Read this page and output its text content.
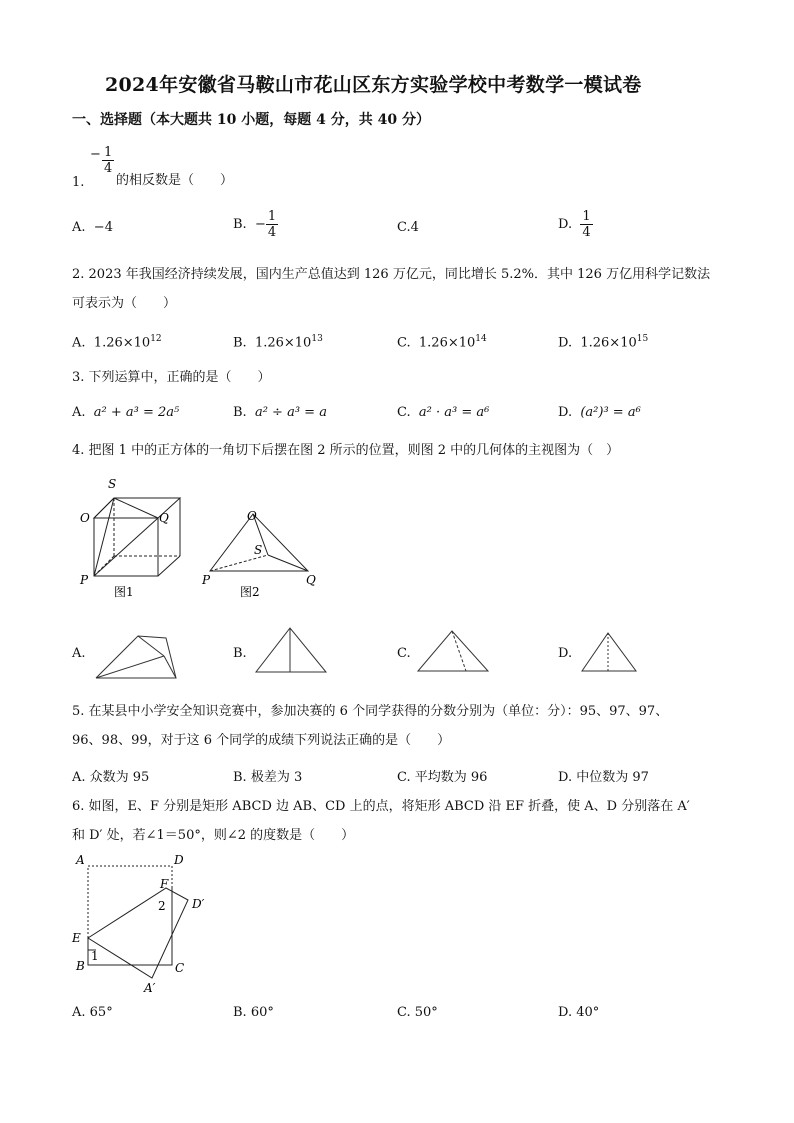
2024年安徽省马鞍山市花山区东方实验学校中考数学一模试卷
一、选择题（本大题共 10 小题，每题 4 分，共 40 分）
1.
− $\frac{1}{4}$
的相反数是（　　）
A. −4	B. − $\frac{1}{4}$	C.4	D. $\frac{1}{4}$
2. 2023 年我国经济持续发展，国内生产总值达到 126 万亿元，同比增长 5.2%．其中 126 万亿用科学记数法
可表示为（　　）
A. $1.26\times 10^{12}$	B. $1.26\times 10^{13}$	C. $1.26\times 10^{14}$	D. $1.26\times 10^{15}$
3. 下列运算中，正确的是（　　）
A. a² + a³ = 2a⁵	B. a² ÷ a³ = a	C. a² · a³ = a⁶	D. (a²)³ = a⁶
4. 把图 1 中的正方体的一角切下后摆在图 2 所示的位置，则图 2 中的几何体的主视图为（　）
S
O	Q
P
图1
O
S
P	Q
图2
A.	B.	C.	D.
5. 在某县中小学安全知识竞赛中，参加决赛的 6 个同学获得的分数分别为（单位：分）：95、97、97、
96、98、99，对于这 6 个同学的成绩下列说法正确的是（　　）
A. 众数为 95	B. 极差为 3	C. 平均数为 96	D. 中位数为 97
6. 如图，E、F 分别是矩形 ABCD 边 AB、CD 上的点，将矩形 ABCD 沿 EF 折叠，使 A、D 分别落在 A′
和 D′ 处，若∠1＝50°，则∠2 的度数是（　　）
A	D
F
2 D′
E
1
B	C
A′
A. 65°	B. 60°	C. 50°	D. 40°
